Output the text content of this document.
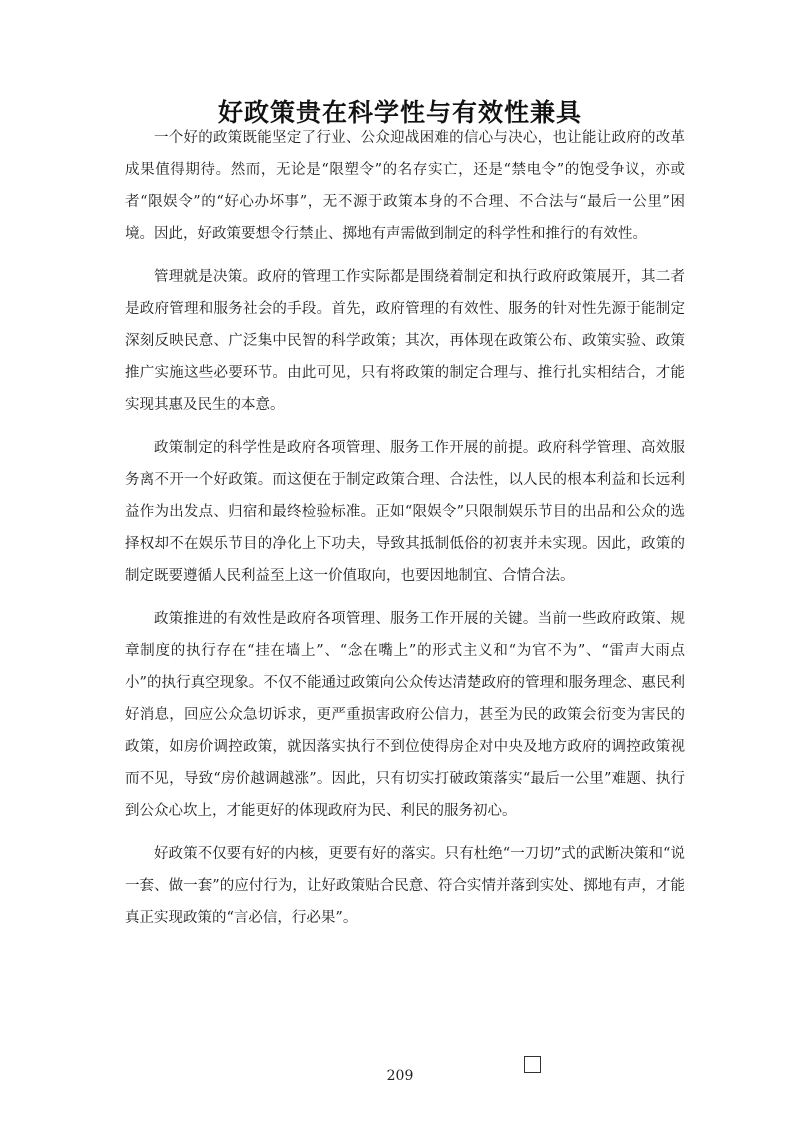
好政策贵在科学性与有效性兼具

一个好的政策既能坚定了行业、公众迎战困难的信心与决心，也让能让政府的改革成果值得期待。然而，无论是“限塑令”的名存实亡，还是“禁电令”的饱受争议，亦或者“限娱令”的“好心办坏事”，无不源于政策本身的不合理、不合法与“最后一公里”困境。因此，好政策要想令行禁止、掷地有声需做到制定的科学性和推行的有效性。

管理就是决策。政府的管理工作实际都是围绕着制定和执行政府政策展开，其二者是政府管理和服务社会的手段。首先，政府管理的有效性、服务的针对性先源于能制定深刻反映民意、广泛集中民智的科学政策；其次，再体现在政策公布、政策实验、政策推广实施这些必要环节。由此可见，只有将政策的制定合理与、推行扎实相结合，才能实现其惠及民生的本意。

政策制定的科学性是政府各项管理、服务工作开展的前提。政府科学管理、高效服务离不开一个好政策。而这便在于制定政策合理、合法性，以人民的根本利益和长远利益作为出发点、归宿和最终检验标准。正如“限娱令”只限制娱乐节目的出品和公众的选择权却不在娱乐节目的净化上下功夫，导致其抵制低俗的初衷并未实现。因此，政策的制定既要遵循人民利益至上这一价值取向，也要因地制宜、合情合法。

政策推进的有效性是政府各项管理、服务工作开展的关键。当前一些政府政策、规章制度的执行存在“挂在墙上”、“念在嘴上”的形式主义和“为官不为”、“雷声大雨点小”的执行真空现象。不仅不能通过政策向公众传达清楚政府的管理和服务理念、惠民利好消息，回应公众急切诉求，更严重损害政府公信力，甚至为民的政策会衍变为害民的政策，如房价调控政策，就因落实执行不到位使得房企对中央及地方政府的调控政策视而不见，导致“房价越调越涨”。因此，只有切实打破政策落实“最后一公里”难题、执行到公众心坎上，才能更好的体现政府为民、利民的服务初心。

好政策不仅要有好的内核，更要有好的落实。只有杜绝“一刀切”式的武断决策和“说一套、做一套”的应付行为，让好政策贴合民意、符合实情并落到实处、掷地有声，才能真正实现政策的“言必信，行必果”。

209
